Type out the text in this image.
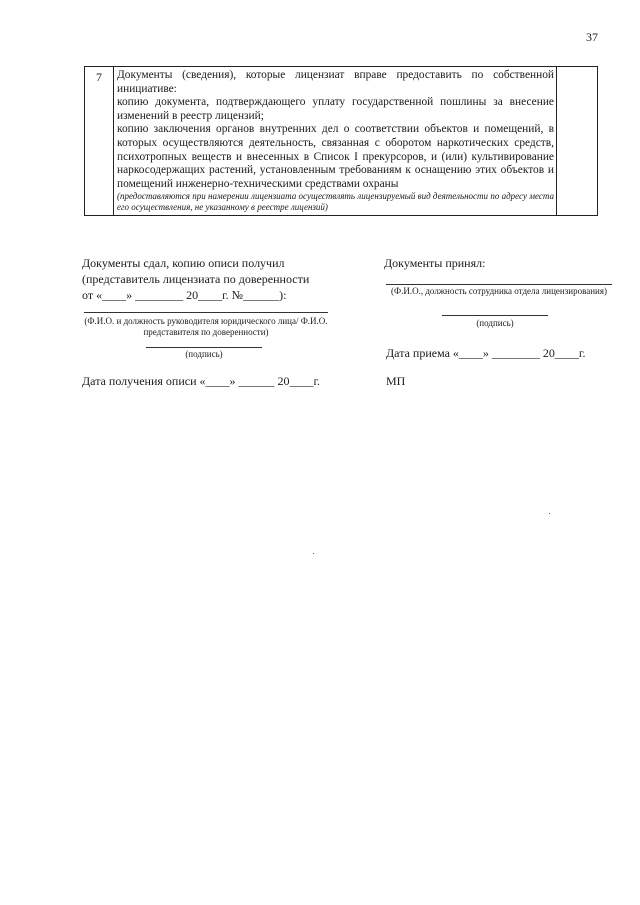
37
7	Документы (сведения), которые лицензиат вправе предоставить по собственной инициативе:

копию документа, подтверждающего уплату государственной пошлины за внесение изменений в реестр лицензий;

копию заключения органов внутренних дел о соответствии объектов и помещений, в которых осуществляются деятельность, связанная с оборотом наркотических средств, психотропных веществ и внесенных в Список I прекурсоров, и (или) культивирование наркосодержащих растений, установленным требованиям к оснащению этих объектов и помещений инженерно-техническими средствами охраны

(предоставляются при намерении лицензиата осуществлять лицензируемый вид деятельности по адресу места его осуществления, не указанному в реестре лицензий)

Документы сдал, копию описи получил
(представитель лицензиата по доверенности
от «____» ________ 20____г. №______):
(Ф.И.О. и должность руководителя юридического лица/ Ф.И.О. представителя по доверенности)
(подпись)
Дата получения описи «____» ______ 20____г.
Документы принял:
(Ф.И.О., должность сотрудника отдела лицензирования)
(подпись)
Дата приема «____» ________ 20____г.
МП
